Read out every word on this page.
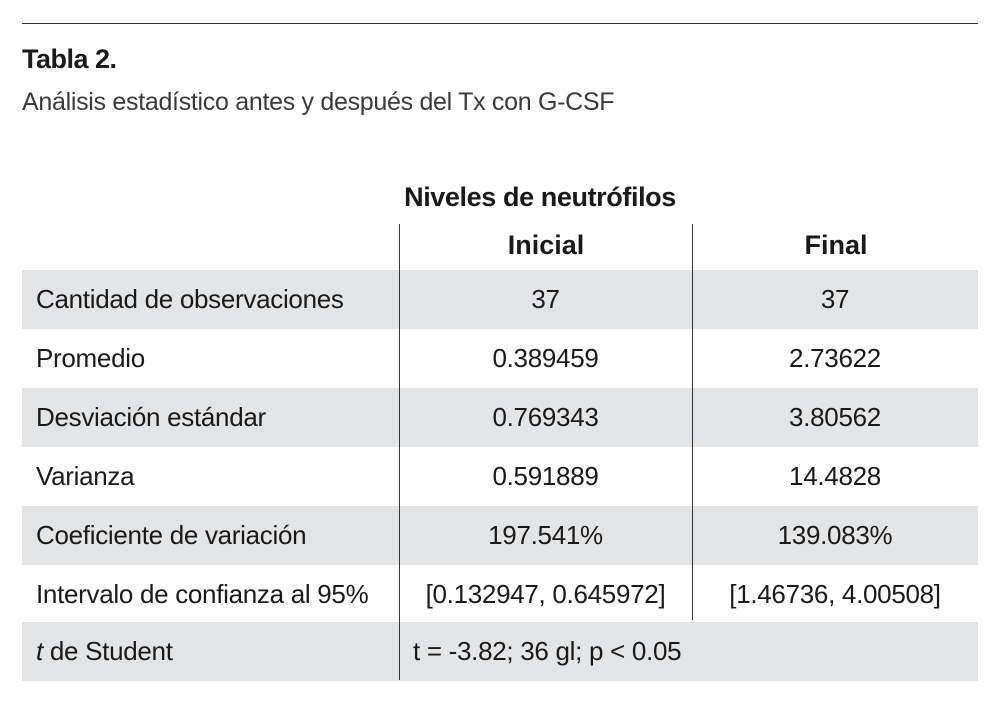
Tabla 2.
Análisis estadístico antes y después del Tx con G-CSF
Niveles de neutrófilos
Inicial	Final
Cantidad de observaciones	37	37
Promedio	0.389459	2.73622
Desviación estándar	0.769343	3.80562
Varianza	0.591889	14.4828
Coeficiente de variación	197.541%	139.083%
Intervalo de confianza al 95%	[0.132947, 0.645972]	[1.46736, 4.00508]
t de Student	t = -3.82; 36 gl; p < 0.05
